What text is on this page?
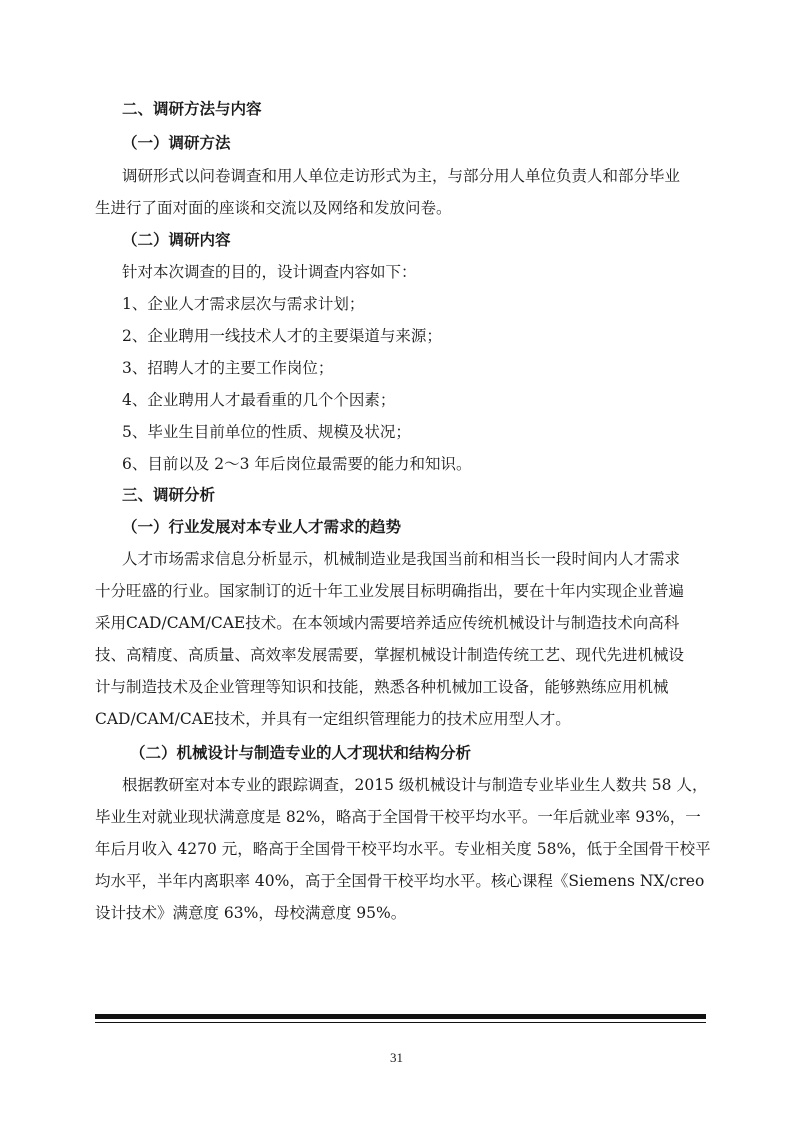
二、调研方法与内容
（一）调研方法
调研形式以问卷调查和用人单位走访形式为主，与部分用人单位负责人和部分毕业
生进行了面对面的座谈和交流以及网络和发放问卷。
（二）调研内容
针对本次调查的目的，设计调查内容如下：
1、企业人才需求层次与需求计划；
2、企业聘用一线技术人才的主要渠道与来源；
3、招聘人才的主要工作岗位；
4、企业聘用人才最看重的几个个因素；
5、毕业生目前单位的性质、规模及状况；
6、目前以及 2～3 年后岗位最需要的能力和知识。
三、调研分析
（一）行业发展对本专业人才需求的趋势
人才市场需求信息分析显示，机械制造业是我国当前和相当长一段时间内人才需求
十分旺盛的行业。国家制订的近十年工业发展目标明确指出，要在十年内实现企业普遍
采用CAD/CAM/CAE技术。在本领域内需要培养适应传统机械设计与制造技术向高科
技、高精度、高质量、高效率发展需要，掌握机械设计制造传统工艺、现代先进机械设
计与制造技术及企业管理等知识和技能，熟悉各种机械加工设备，能够熟练应用机械
CAD/CAM/CAE技术，并具有一定组织管理能力的技术应用型人才。
（二）机械设计与制造专业的人才现状和结构分析
根据教研室对本专业的跟踪调查，2015 级机械设计与制造专业毕业生人数共 58 人，
毕业生对就业现状满意度是 82%，略高于全国骨干校平均水平。一年后就业率 93%，一
年后月收入 4270 元，略高于全国骨干校平均水平。专业相关度 58%，低于全国骨干校平
均水平，半年内离职率 40%，高于全国骨干校平均水平。核心课程《Siemens NX/creo
设计技术》满意度 63%，母校满意度 95%。
31
